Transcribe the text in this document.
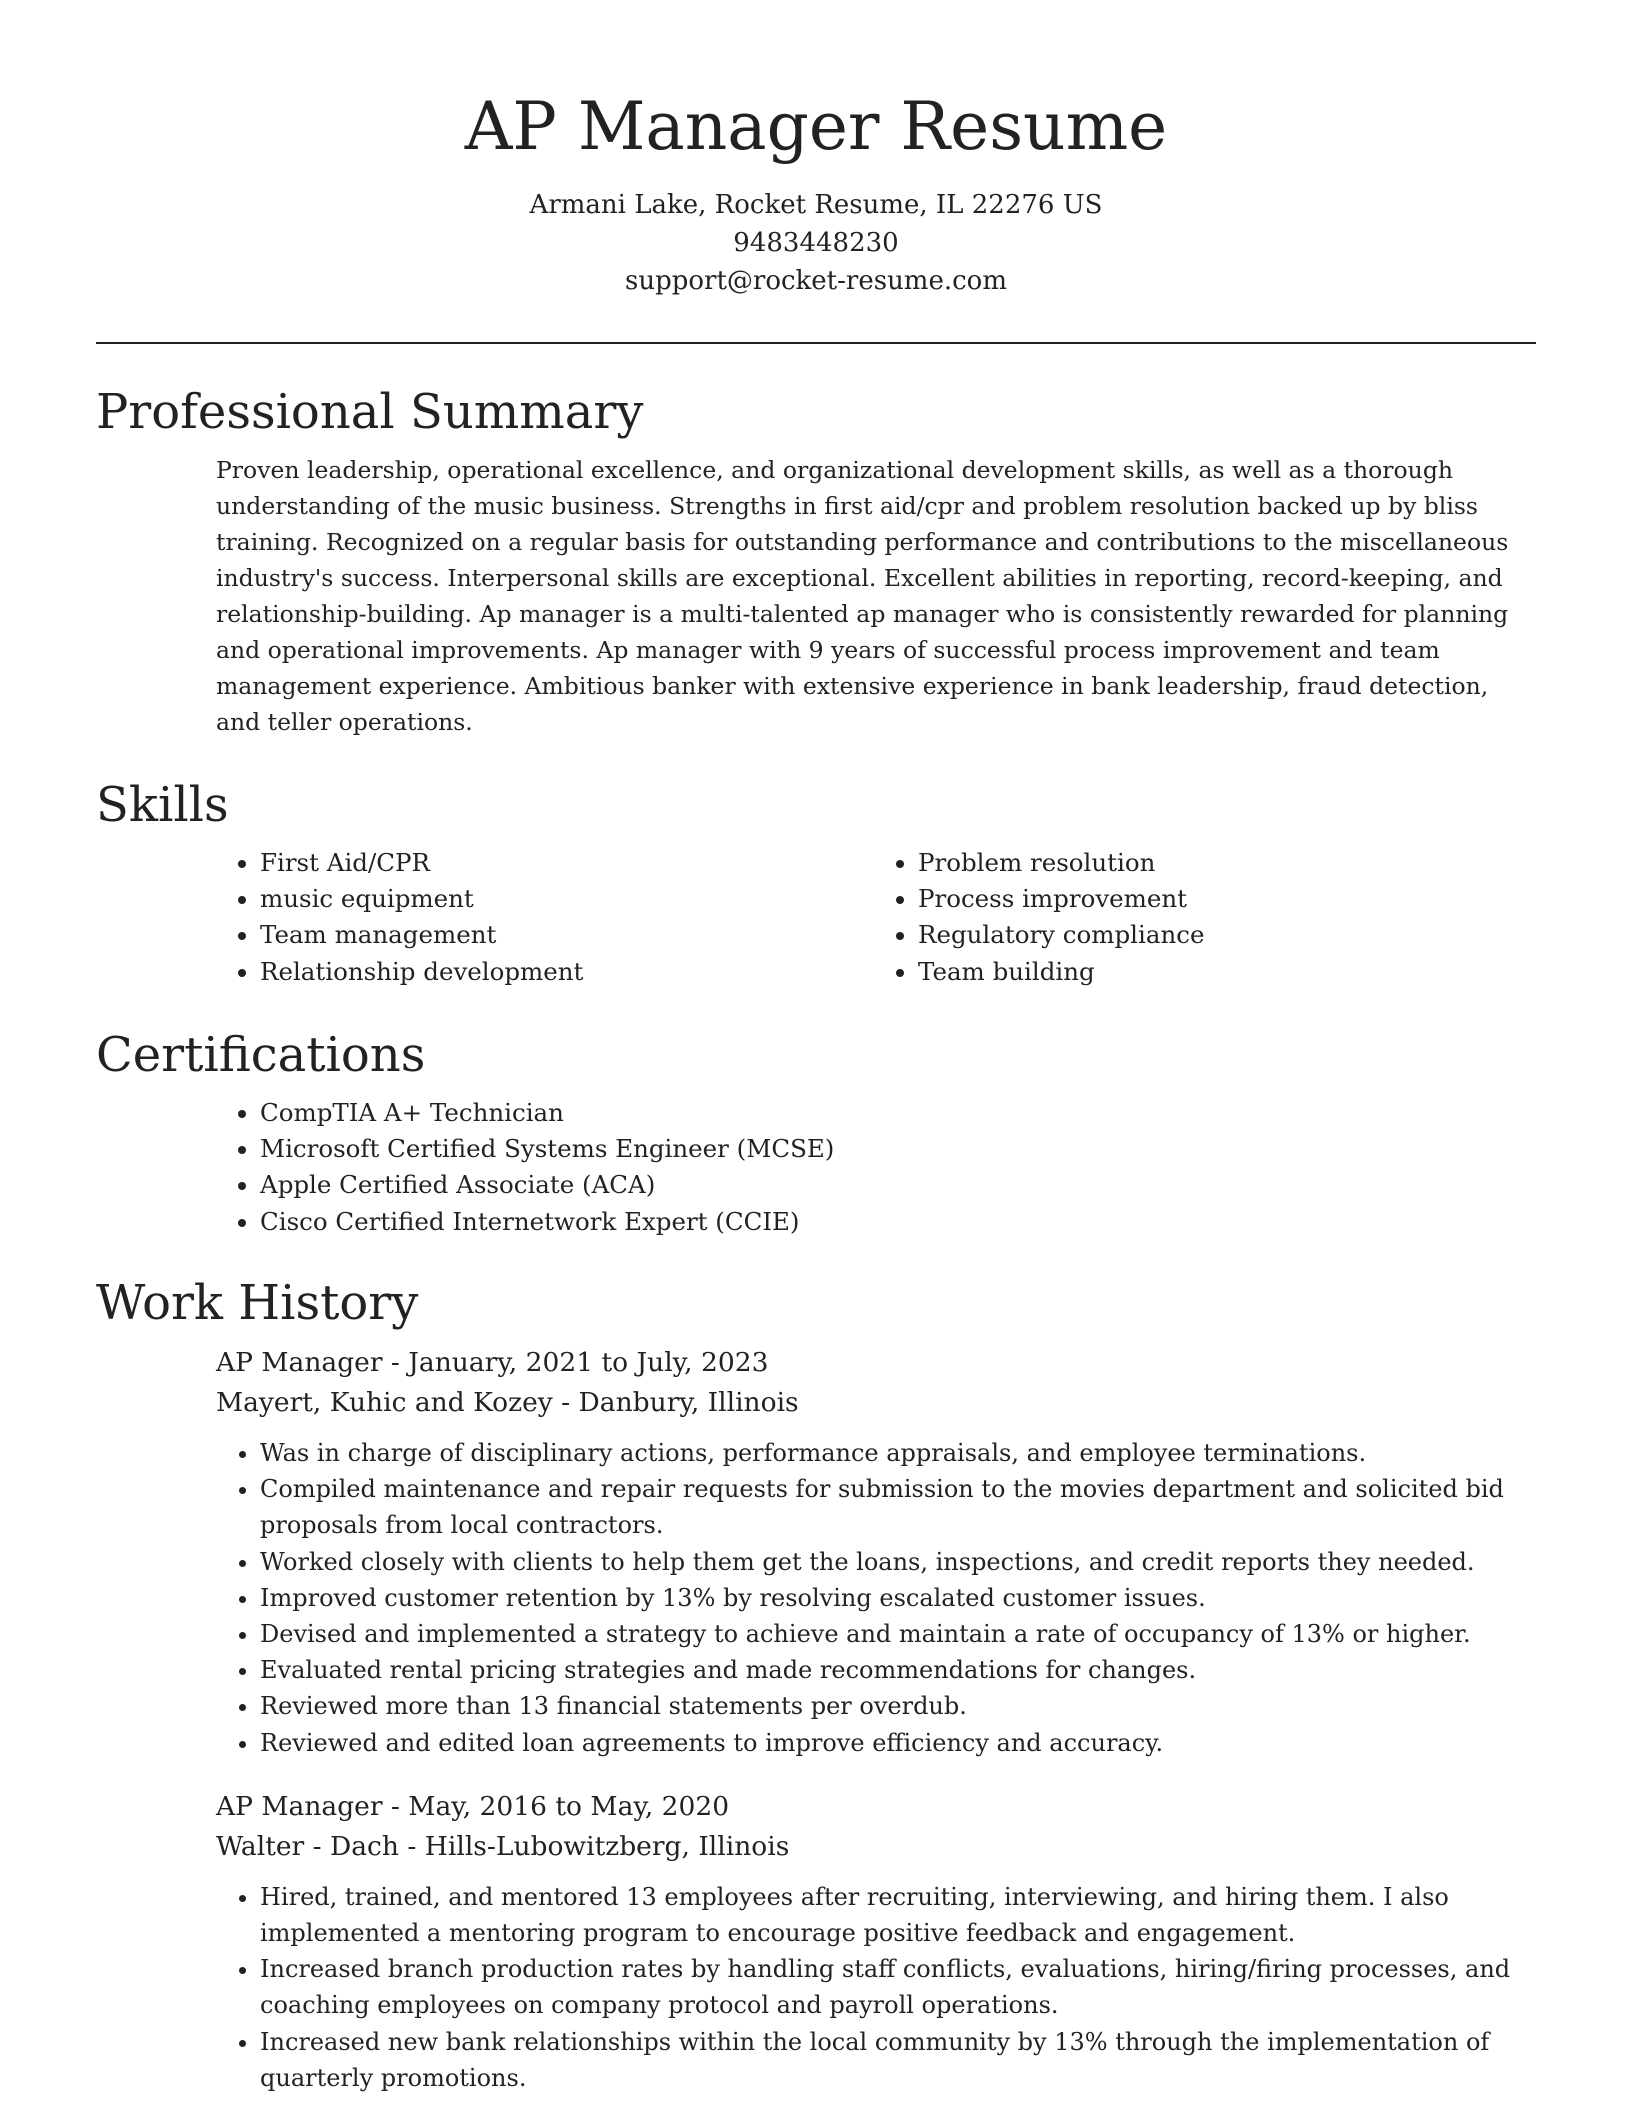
AP Manager Resume
Armani Lake, Rocket Resume, IL 22276 US
9483448230
support@rocket-resume.com
Professional Summary
Proven leadership, operational excellence, and organizational development skills, as well as a thorough understanding of the music business. Strengths in first aid/cpr and problem resolution backed up by bliss training. Recognized on a regular basis for outstanding performance and contributions to the miscellaneous industry's success. Interpersonal skills are exceptional. Excellent abilities in reporting, record-keeping, and relationship-building. Ap manager is a multi-talented ap manager who is consistently rewarded for planning and operational improvements. Ap manager with 9 years of successful process improvement and team management experience. Ambitious banker with extensive experience in bank leadership, fraud detection, and teller operations.
Skills
• First Aid/CPR
• music equipment
• Team management
• Relationship development
• Problem resolution
• Process improvement
• Regulatory compliance
• Team building
Certifications
• CompTIA A+ Technician
• Microsoft Certified Systems Engineer (MCSE)
• Apple Certified Associate (ACA)
• Cisco Certified Internetwork Expert (CCIE)
Work History
AP Manager - January, 2021 to July, 2023
Mayert, Kuhic and Kozey - Danbury, Illinois
• Was in charge of disciplinary actions, performance appraisals, and employee terminations.
• Compiled maintenance and repair requests for submission to the movies department and solicited bid proposals from local contractors.
• Worked closely with clients to help them get the loans, inspections, and credit reports they needed.
• Improved customer retention by 13% by resolving escalated customer issues.
• Devised and implemented a strategy to achieve and maintain a rate of occupancy of 13% or higher.
• Evaluated rental pricing strategies and made recommendations for changes.
• Reviewed more than 13 financial statements per overdub.
• Reviewed and edited loan agreements to improve efficiency and accuracy.
AP Manager - May, 2016 to May, 2020
Walter - Dach - Hills-Lubowitzberg, Illinois
• Hired, trained, and mentored 13 employees after recruiting, interviewing, and hiring them. I also implemented a mentoring program to encourage positive feedback and engagement.
• Increased branch production rates by handling staff conflicts, evaluations, hiring/firing processes, and coaching employees on company protocol and payroll operations.
• Increased new bank relationships within the local community by 13% through the implementation of quarterly promotions.
